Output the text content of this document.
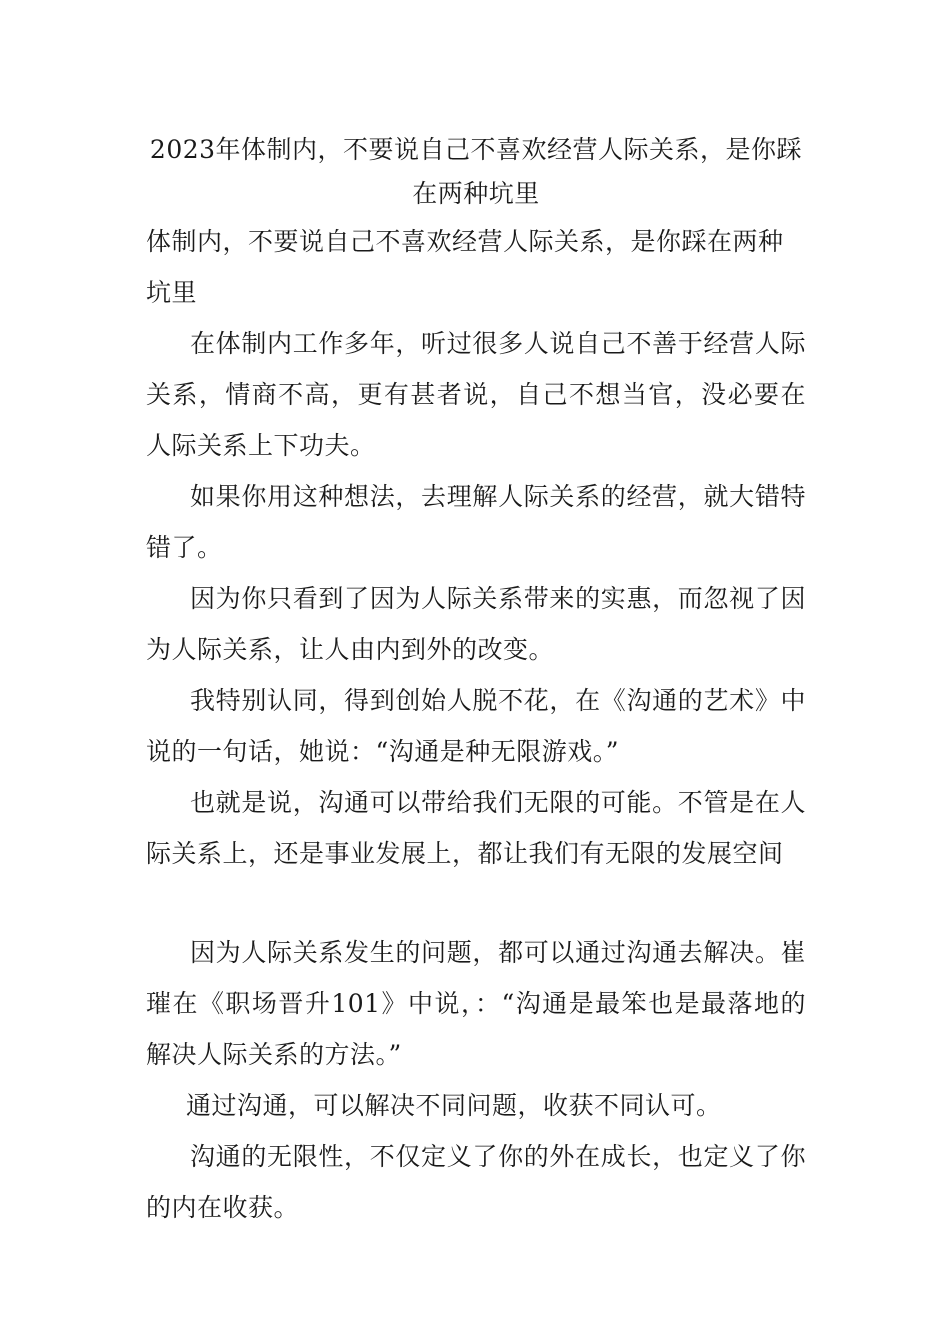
2023年体制内，不要说自己不喜欢经营人际关系，是你踩
在两种坑里

体制内，不要说自己不喜欢经营人际关系，是你踩在两种坑里

在体制内工作多年，听过很多人说自己不善于经营人际关系，情商不高，更有甚者说，自己不想当官，没必要在人际关系上下功夫。

如果你用这种想法，去理解人际关系的经营，就大错特错了。

因为你只看到了因为人际关系带来的实惠，而忽视了因为人际关系，让人由内到外的改变。

我特别认同，得到创始人脱不花，在《沟通的艺术》中说的一句话，她说：“沟通是种无限游戏。”

也就是说，沟通可以带给我们无限的可能。不管是在人际关系上，还是事业发展上，都让我们有无限的发展空间

因为人际关系发生的问题，都可以通过沟通去解决。崔璀在《职场晋升101》中说，：“沟通是最笨也是最落地的解决人际关系的方法。”

通过沟通，可以解决不同问题，收获不同认可。

沟通的无限性，不仅定义了你的外在成长，也定义了你的内在收获。
